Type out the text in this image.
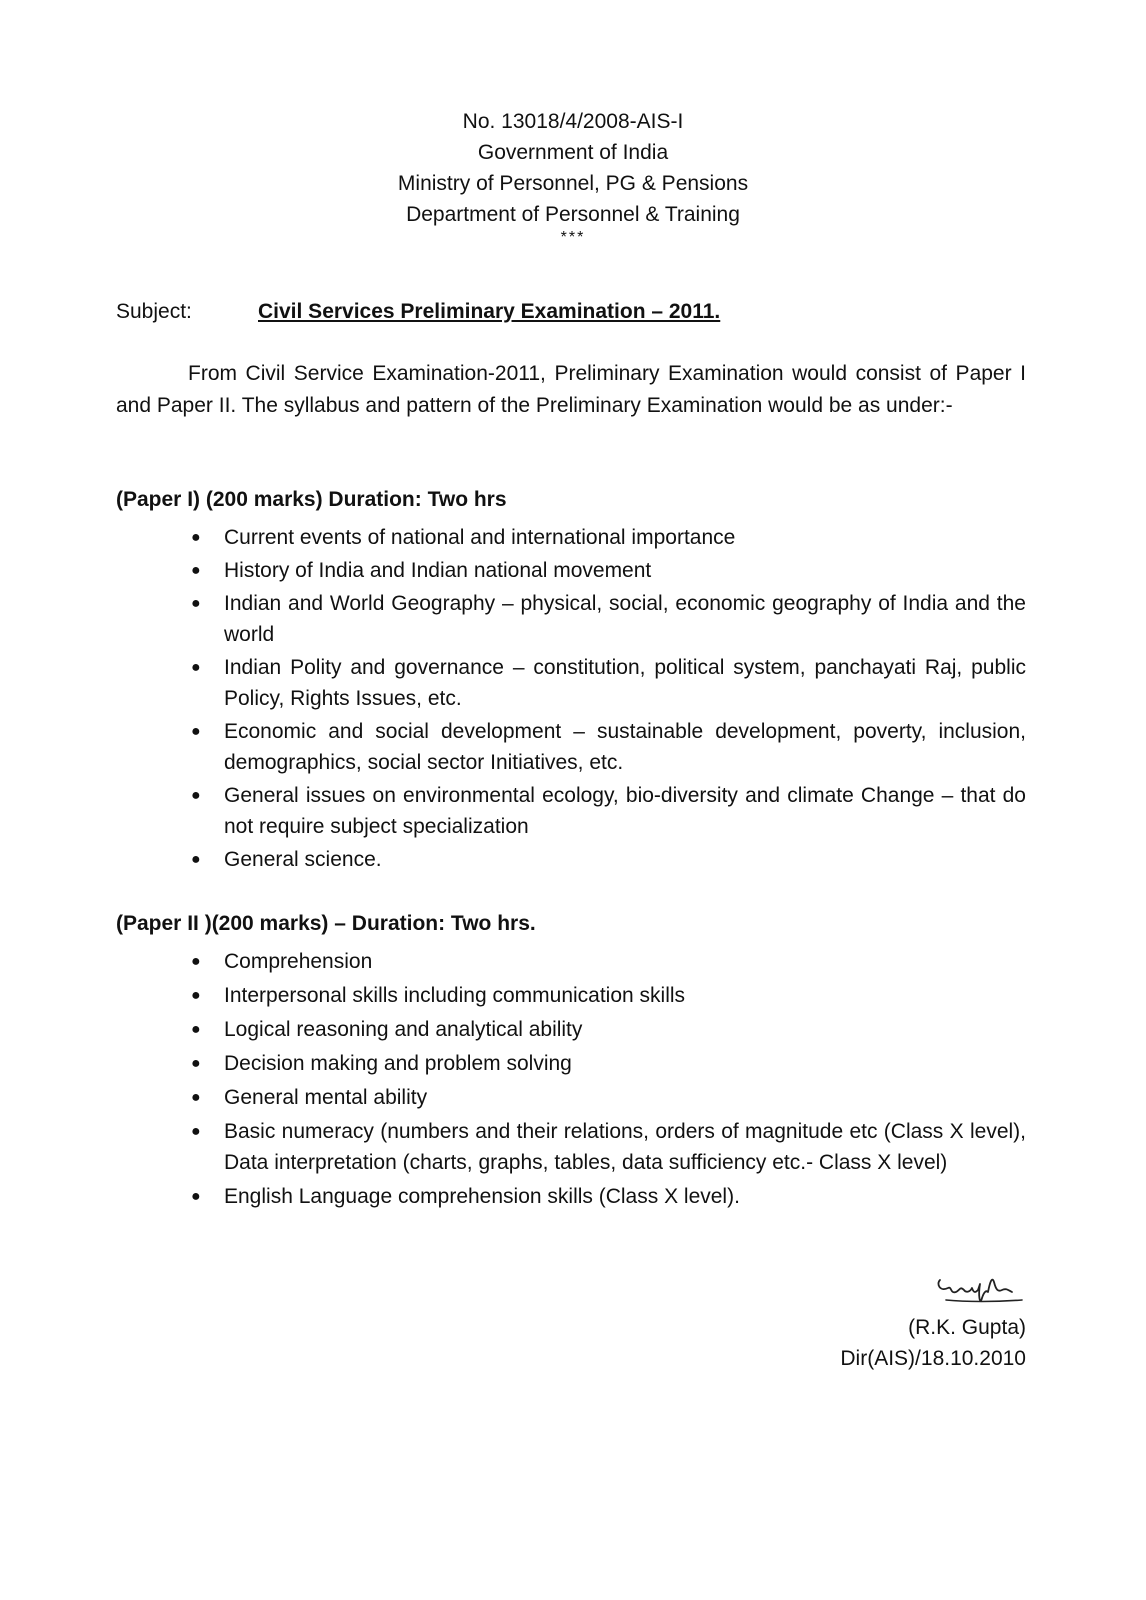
No. 13018/4/2008-AIS-I
Government of India
Ministry of Personnel, PG & Pensions
Department of Personnel & Training
***
Subject:	Civil Services Preliminary Examination – 2011.

From Civil Service Examination-2011, Preliminary Examination would consist of Paper I and Paper II. The syllabus and pattern of the Preliminary Examination would be as under:-

(Paper I) (200 marks) Duration: Two hrs
● Current events of national and international importance
● History of India and Indian national movement
● Indian and World Geography – physical, social, economic geography of India and the world
● Indian Polity and governance – constitution, political system, panchayati Raj, public Policy, Rights Issues, etc.
● Economic and social development – sustainable development, poverty, inclusion, demographics, social sector Initiatives, etc.
● General issues on environmental ecology, bio-diversity and climate Change – that do not require subject specialization
● General science.
(Paper II )(200 marks) – Duration: Two hrs.
● Comprehension
● Interpersonal skills including communication skills
● Logical reasoning and analytical ability
● Decision making and problem solving
● General mental ability
● Basic numeracy (numbers and their relations, orders of magnitude etc (Class X level), Data interpretation (charts, graphs, tables, data sufficiency etc.- Class X level)
● English Language comprehension skills (Class X level).
(R.K. Gupta)
Dir(AIS)/18.10.2010
